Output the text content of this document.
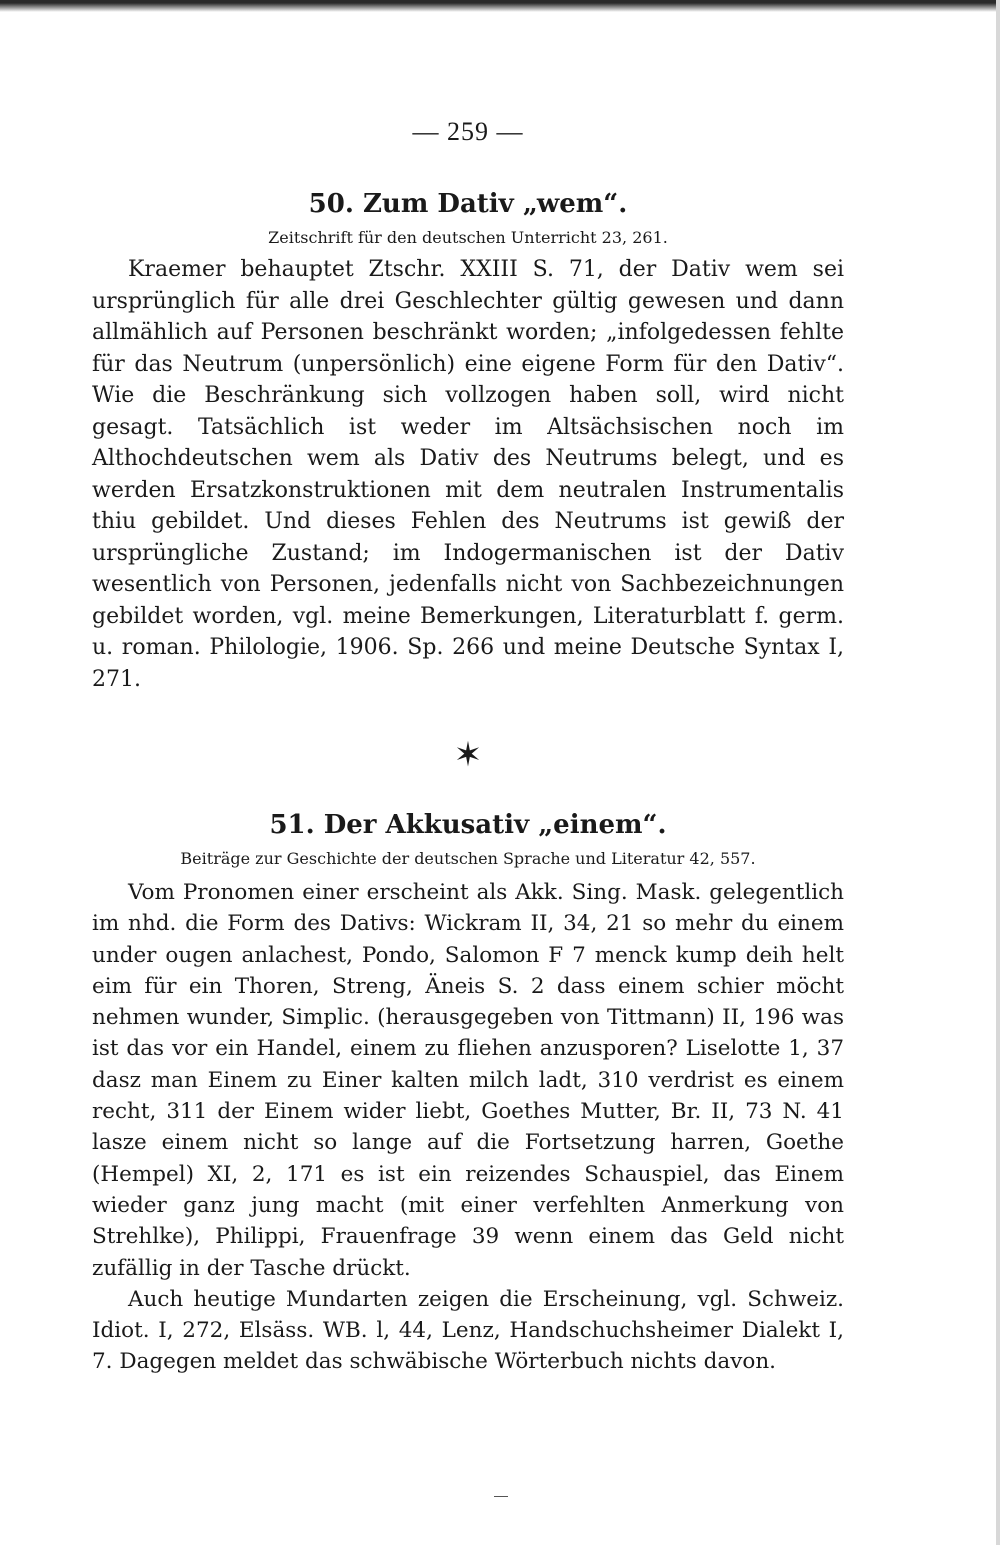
— 259 —
50. Zum Dativ „wem“.
Zeitschrift für den deutschen Unterricht 23, 261.

Kraemer behauptet Ztschr. XXIII S. 71, der Dativ wem sei ursprünglich für alle drei Geschlechter gültig gewesen und dann allmählich auf Personen beschränkt worden; „infolgedessen fehlte für das Neutrum (unpersönlich) eine eigene Form für den Dativ“. Wie die Beschränkung sich vollzogen haben soll, wird nicht gesagt. Tatsächlich ist weder im Altsächsischen noch im Althochdeutschen wem als Dativ des Neutrums belegt, und es werden Ersatzkonstruktionen mit dem neutralen Instrumentalis thiu gebildet. Und dieses Fehlen des Neutrums ist gewiß der ursprüngliche Zustand; im Indogermanischen ist der Dativ wesentlich von Personen, jedenfalls nicht von Sachbezeichnungen gebildet worden, vgl. meine Bemerkungen, Literaturblatt f. germ. u. roman. Philologie, 1906. Sp. 266 und meine Deutsche Syntax I, 271.

✶
51. Der Akkusativ „einem“.
Beiträge zur Geschichte der deutschen Sprache und Literatur 42, 557.

Vom Pronomen einer erscheint als Akk. Sing. Mask. gelegentlich im nhd. die Form des Dativs: Wickram II, 34, 21 so mehr du einem under ougen anlachest, Pondo, Salomon F 7 menck kump deih helt eim für ein Thoren, Streng, Äneis S. 2 dass einem schier möcht nehmen wunder, Simplic. (herausgegeben von Tittmann) II, 196 was ist das vor ein Handel, einem zu fliehen anzusporen? Liselotte 1, 37 dasz man Einem zu Einer kalten milch ladt, 310 verdrist es einem recht, 311 der Einem wider liebt, Goethes Mutter, Br. II, 73 N. 41 lasze einem nicht so lange auf die Fortsetzung harren, Goethe (Hempel) XI, 2, 171 es ist ein reizendes Schauspiel, das Einem wieder ganz jung macht (mit einer verfehlten Anmerkung von Strehlke), Philippi, Frauenfrage 39 wenn einem das Geld nicht zufällig in der Tasche drückt.

Auch heutige Mundarten zeigen die Erscheinung, vgl. Schweiz. Idiot. I, 272, Elsäss. WB. l, 44, Lenz, Handschuchsheimer Dialekt I, 7. Dagegen meldet das schwäbische Wörterbuch nichts davon.
